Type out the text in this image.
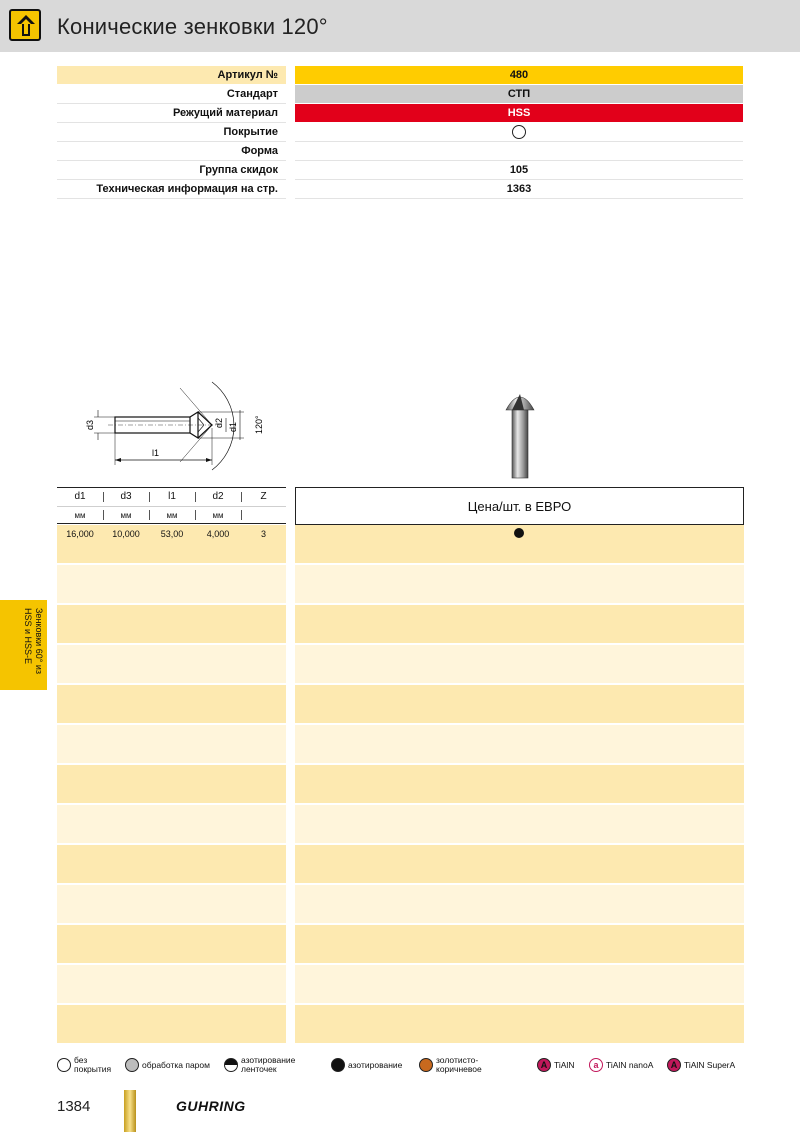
Конические зенковки 120°
Артикул №	480
Стандарт	СТП
Режущий материал	HSS
Покрытие
Форма
Группа скидок	105
Техническая информация на стр.	1363
d3	d2 d1 120°
l1
d1	d3	l1	d2	Z
мм	мм	мм	мм
Цена/шт. в ЕВРО
16,000	10,000	53,00	4,000	3
Зенковки 60° из HSS и HSS-E
без покрытия	обработка паром	азотирование ленточек	азотирование	золотисто-коричневое	A TiAlN	a TiAlN nanoA	A TiAlN SuperA
1384	GUHRING
